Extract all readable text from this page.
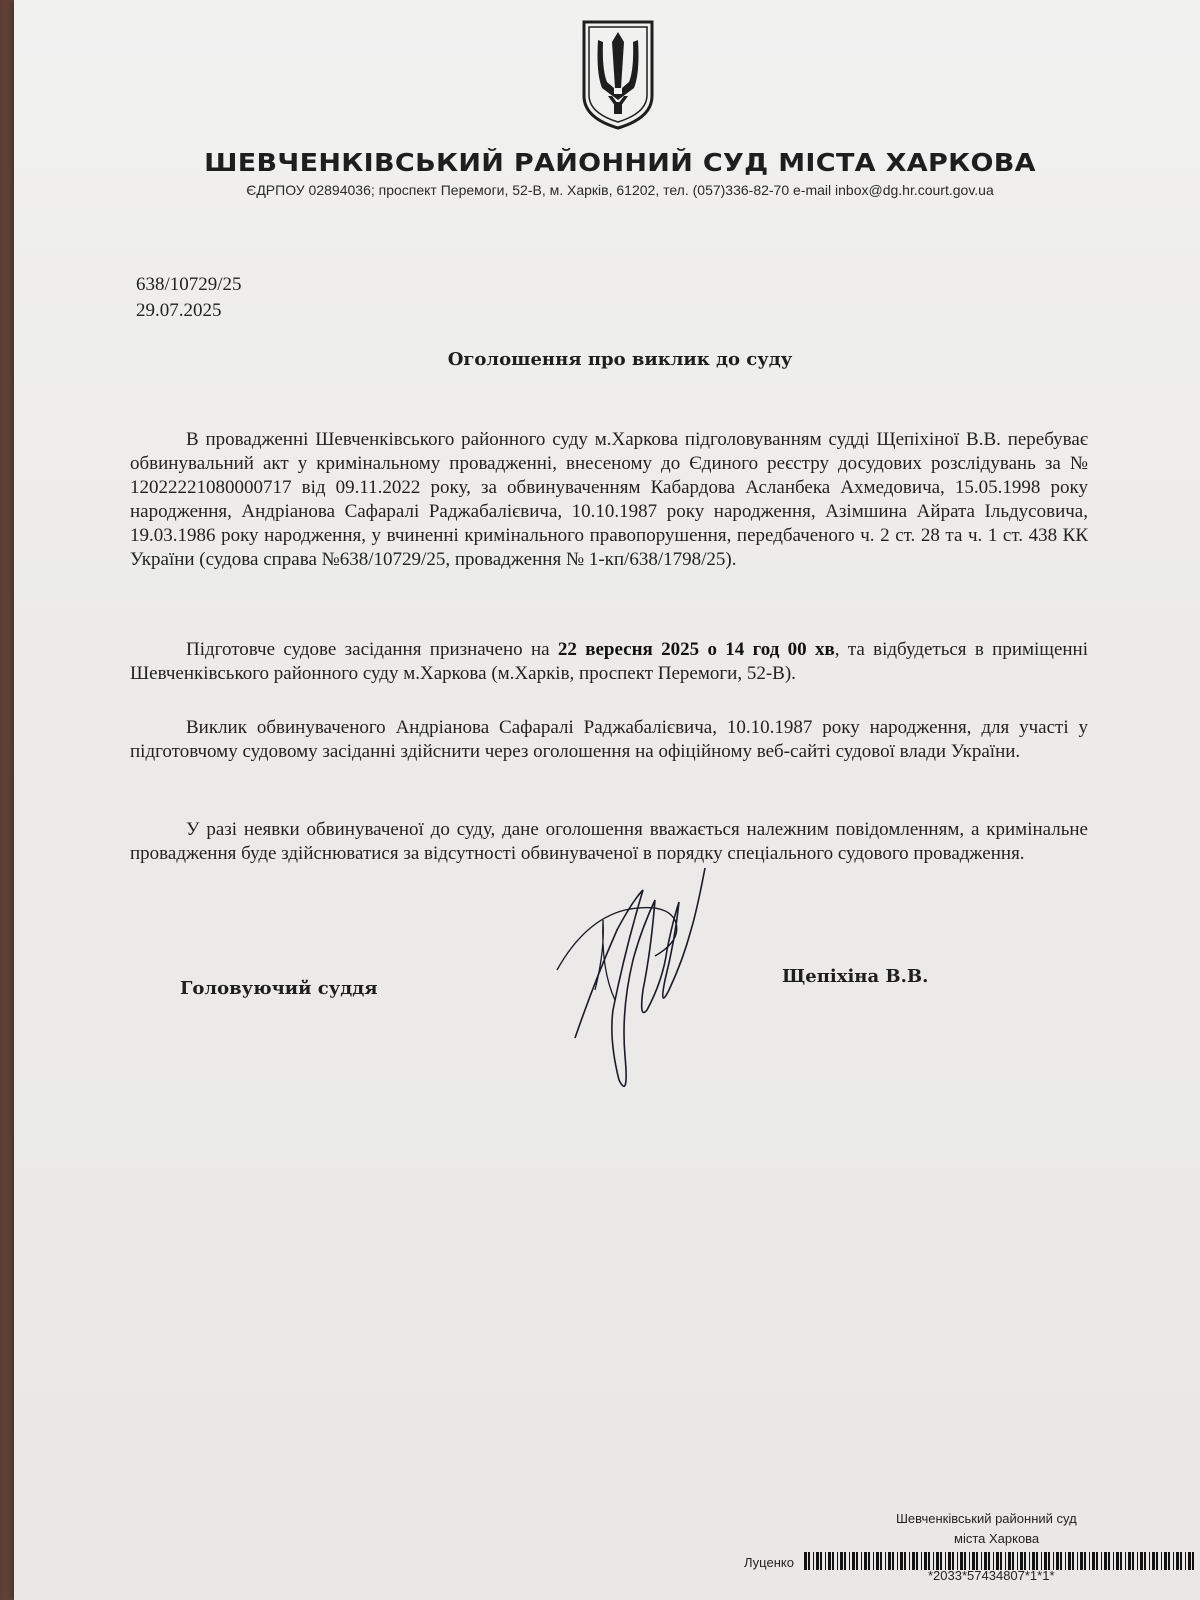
ШЕВЧЕНКІВСЬКИЙ РАЙОННИЙ СУД МІСТА ХАРКОВА
ЄДРПОУ 02894036; проспект Перемоги, 52-В, м. Харків, 61202, тел. (057)336-82-70 e-mail inbox@dg.hr.court.gov.ua
638/10729/25
29.07.2025
Оголошення про виклик до суду
В провадженні Шевченківського районного суду м.Харкова підголовуванням судді Щепіхіної В.В. перебуває обвинувальний акт у кримінальному провадженні, внесеному до Єдиного реєстру досудових розслідувань за № 12022221080000717 від 09.11.2022 року, за обвинуваченням Кабардова Асланбека Ахмедовича, 15.05.1998 року народження, Андріанова Сафаралі Раджабалієвича, 10.10.1987 року народження, Азімшина Айрата Ільдусовича, 19.03.1986 року народження, у вчиненні кримінального правопорушення, передбаченого ч. 2 ст. 28 та ч. 1 ст. 438 КК України (судова справа №638/10729/25, провадження № 1-кп/638/1798/25).
Підготовче судове засідання призначено на 22 вересня 2025 о 14 год 00 хв, та відбудеться в приміщенні Шевченківського районного суду м.Харкова (м.Харків, проспект Перемоги, 52-В).
Виклик обвинуваченого Андріанова Сафаралі Раджабалієвича, 10.10.1987 року народження, для участі у підготовчому судовому засіданні здійснити через оголошення на офіційному веб-сайті судової влади України.
У разі неявки обвинуваченої до суду, дане оголошення вважається належним повідомленням, а кримінальне провадження буде здійснюватися за відсутності обвинуваченої в порядку спеціального судового провадження.
Головуючий суддя
Щепіхіна В.В.
Шевченківський районний суд
міста Харкова
Луценко
*2033*57434807*1*1*
